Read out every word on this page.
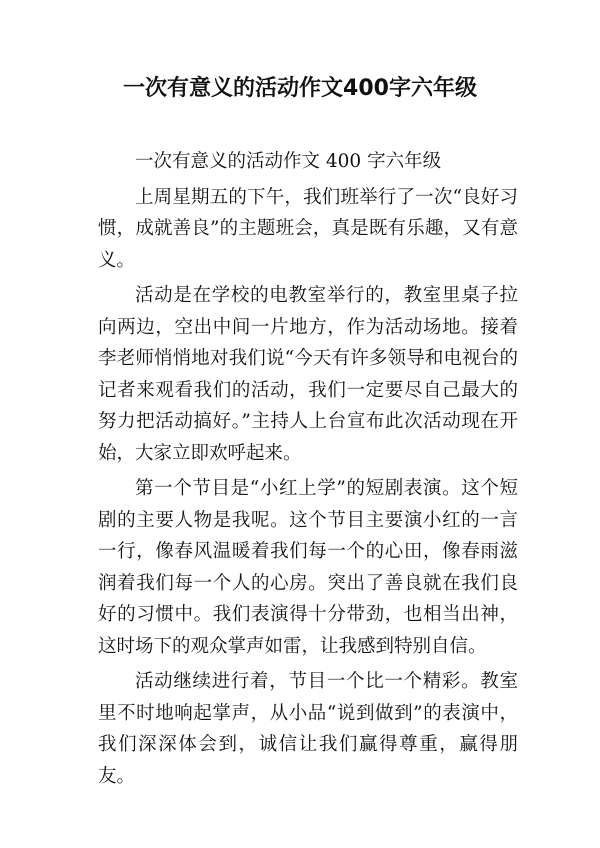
一次有意义的活动作文400字六年级

一次有意义的活动作文 400 字六年级

上周星期五的下午，我们班举行了一次“良好习惯，成就善良”的主题班会，真是既有乐趣，又有意义。

活动是在学校的电教室举行的，教室里桌子拉向两边，空出中间一片地方，作为活动场地。接着李老师悄悄地对我们说“今天有许多领导和电视台的记者来观看我们的活动，我们一定要尽自己最大的努力把活动搞好。”主持人上台宣布此次活动现在开始，大家立即欢呼起来。

第一个节目是“小红上学”的短剧表演。这个短剧的主要人物是我呢。这个节目主要演小红的一言一行，像春风温暖着我们每一个的心田，像春雨滋润着我们每一个人的心房。突出了善良就在我们良好的习惯中。我们表演得十分带劲，也相当出神，这时场下的观众掌声如雷，让我感到特别自信。

活动继续进行着，节目一个比一个精彩。教室里不时地响起掌声，从小品“说到做到”的表演中，我们深深体会到，诚信让我们赢得尊重，赢得朋友。
